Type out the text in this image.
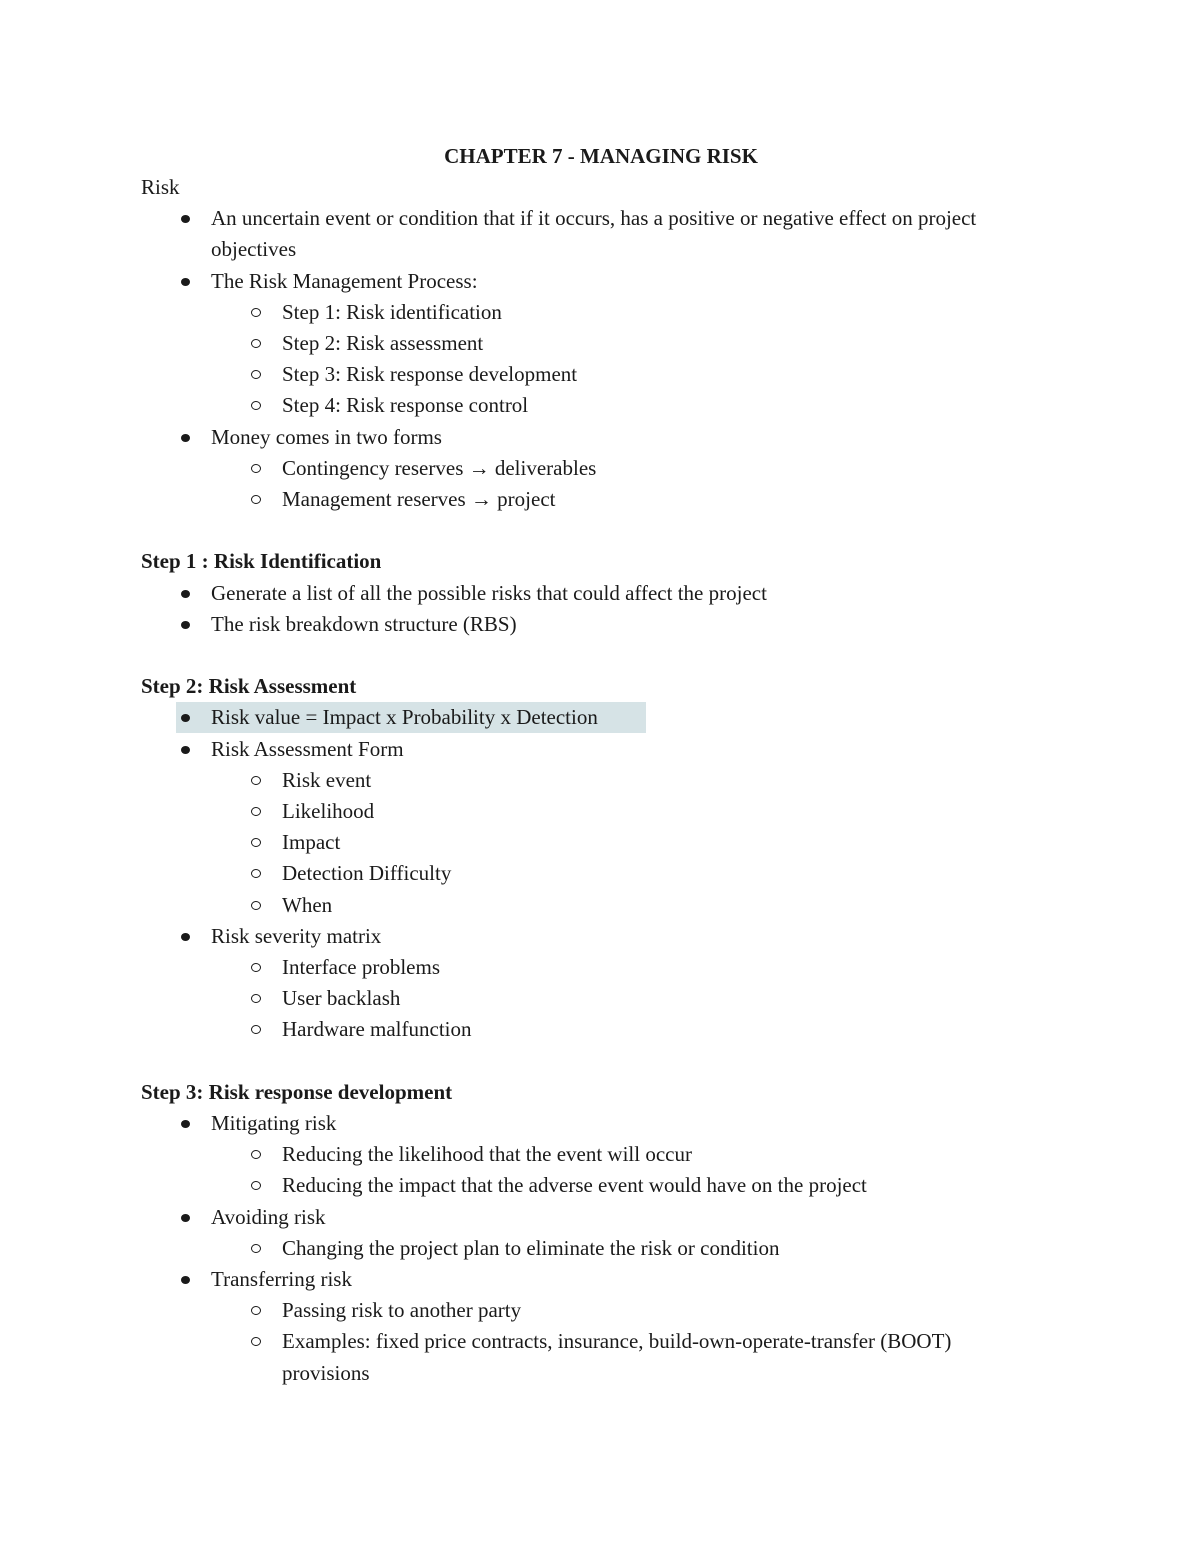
CHAPTER 7 - MANAGING RISK
Risk
An uncertain event or condition that if it occurs, has a positive or negative effect on project objectives
The Risk Management Process:
Step 1: Risk identification
Step 2: Risk assessment
Step 3: Risk response development
Step 4: Risk response control
Money comes in two forms
Contingency reserves → deliverables
Management reserves → project
Step 1 : Risk Identification
Generate a list of all the possible risks that could affect the project
The risk breakdown structure (RBS)
Step 2: Risk Assessment
Risk value = Impact x Probability x Detection
Risk Assessment Form
Risk event
Likelihood
Impact
Detection Difficulty
When
Risk severity matrix
Interface problems
User backlash
Hardware malfunction
Step 3: Risk response development
Mitigating risk
Reducing the likelihood that the event will occur
Reducing the impact that the adverse event would have on the project
Avoiding risk
Changing the project plan to eliminate the risk or condition
Transferring risk
Passing risk to another party
Examples: fixed price contracts, insurance, build-own-operate-transfer (BOOT) provisions
